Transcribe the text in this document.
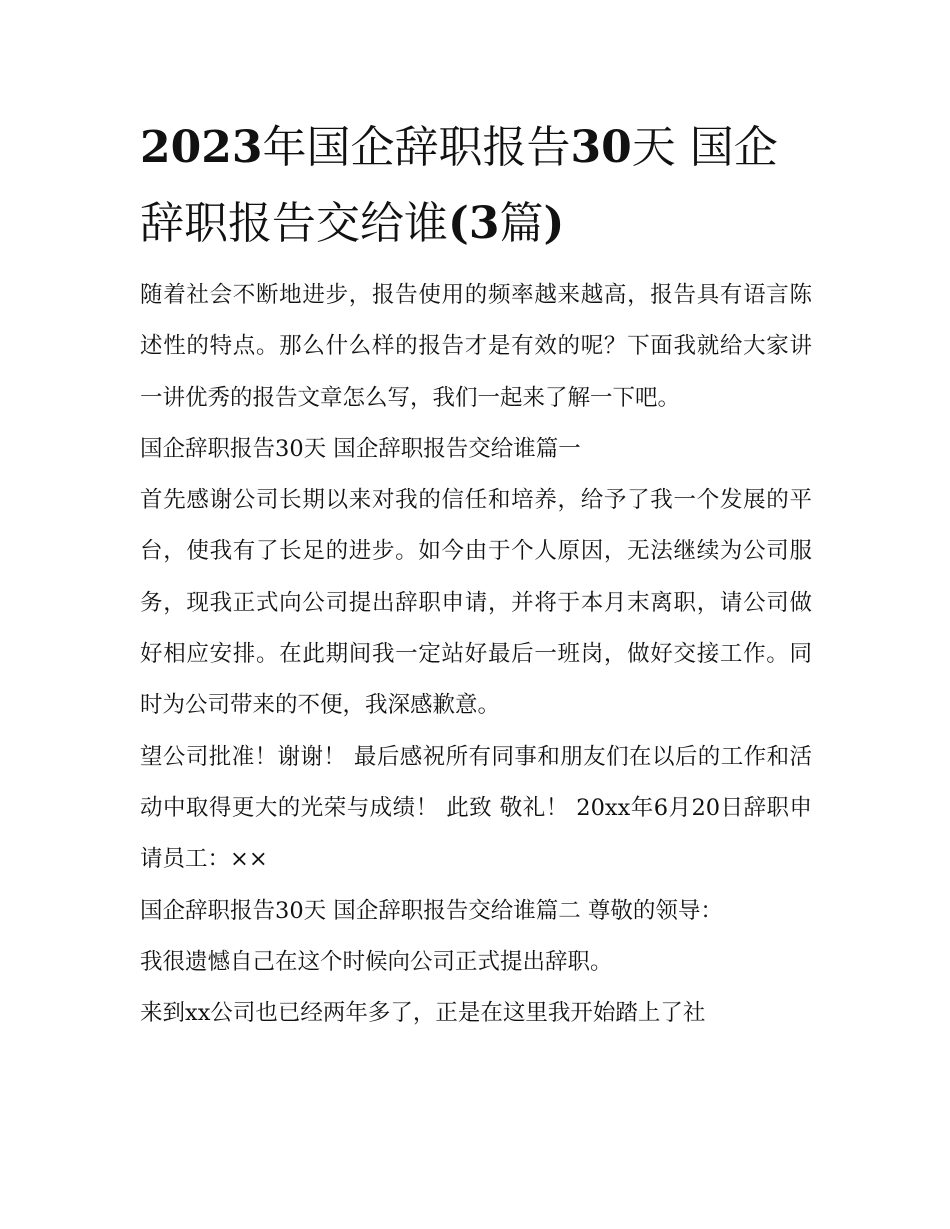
2023年国企辞职报告30天 国企辞职报告交给谁(3篇)

随着社会不断地进步，报告使用的频率越来越高，报告具有语言陈述性的特点。那么什么样的报告才是有效的呢？下面我就给大家讲一讲优秀的报告文章怎么写，我们一起来了解一下吧。

国企辞职报告30天 国企辞职报告交给谁篇一

首先感谢公司长期以来对我的信任和培养，给予了我一个发展的平台，使我有了长足的进步。如今由于个人原因，无法继续为公司服务，现我正式向公司提出辞职申请，并将于本月末离职，请公司做好相应安排。在此期间我一定站好最后一班岗，做好交接工作。同时为公司带来的不便，我深感歉意。

望公司批准！谢谢！ 最后感祝所有同事和朋友们在以后的工作和活动中取得更大的光荣与成绩！ 此致 敬礼！ 20xx年6月20日辞职申请员工：××

国企辞职报告30天 国企辞职报告交给谁篇二 尊敬的领导：

我很遗憾自己在这个时候向公司正式提出辞职。

来到xx公司也已经两年多了，正是在这里我开始踏上了社
